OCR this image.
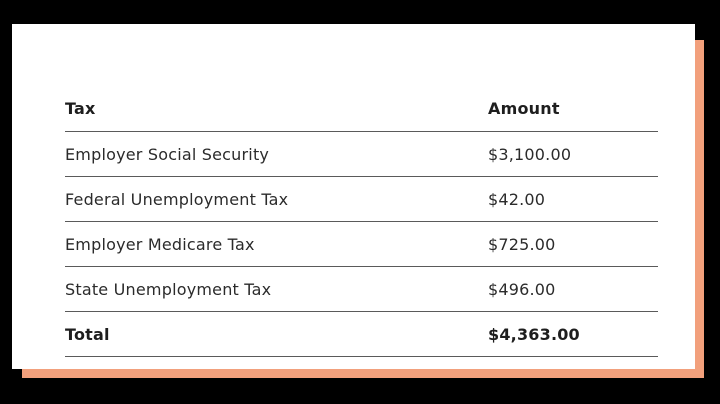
Tax	Amount
Employer Social Security	$3,100.00
Federal Unemployment Tax	$42.00
Employer Medicare Tax	$725.00
State Unemployment Tax	$496.00
Total	$4,363.00
